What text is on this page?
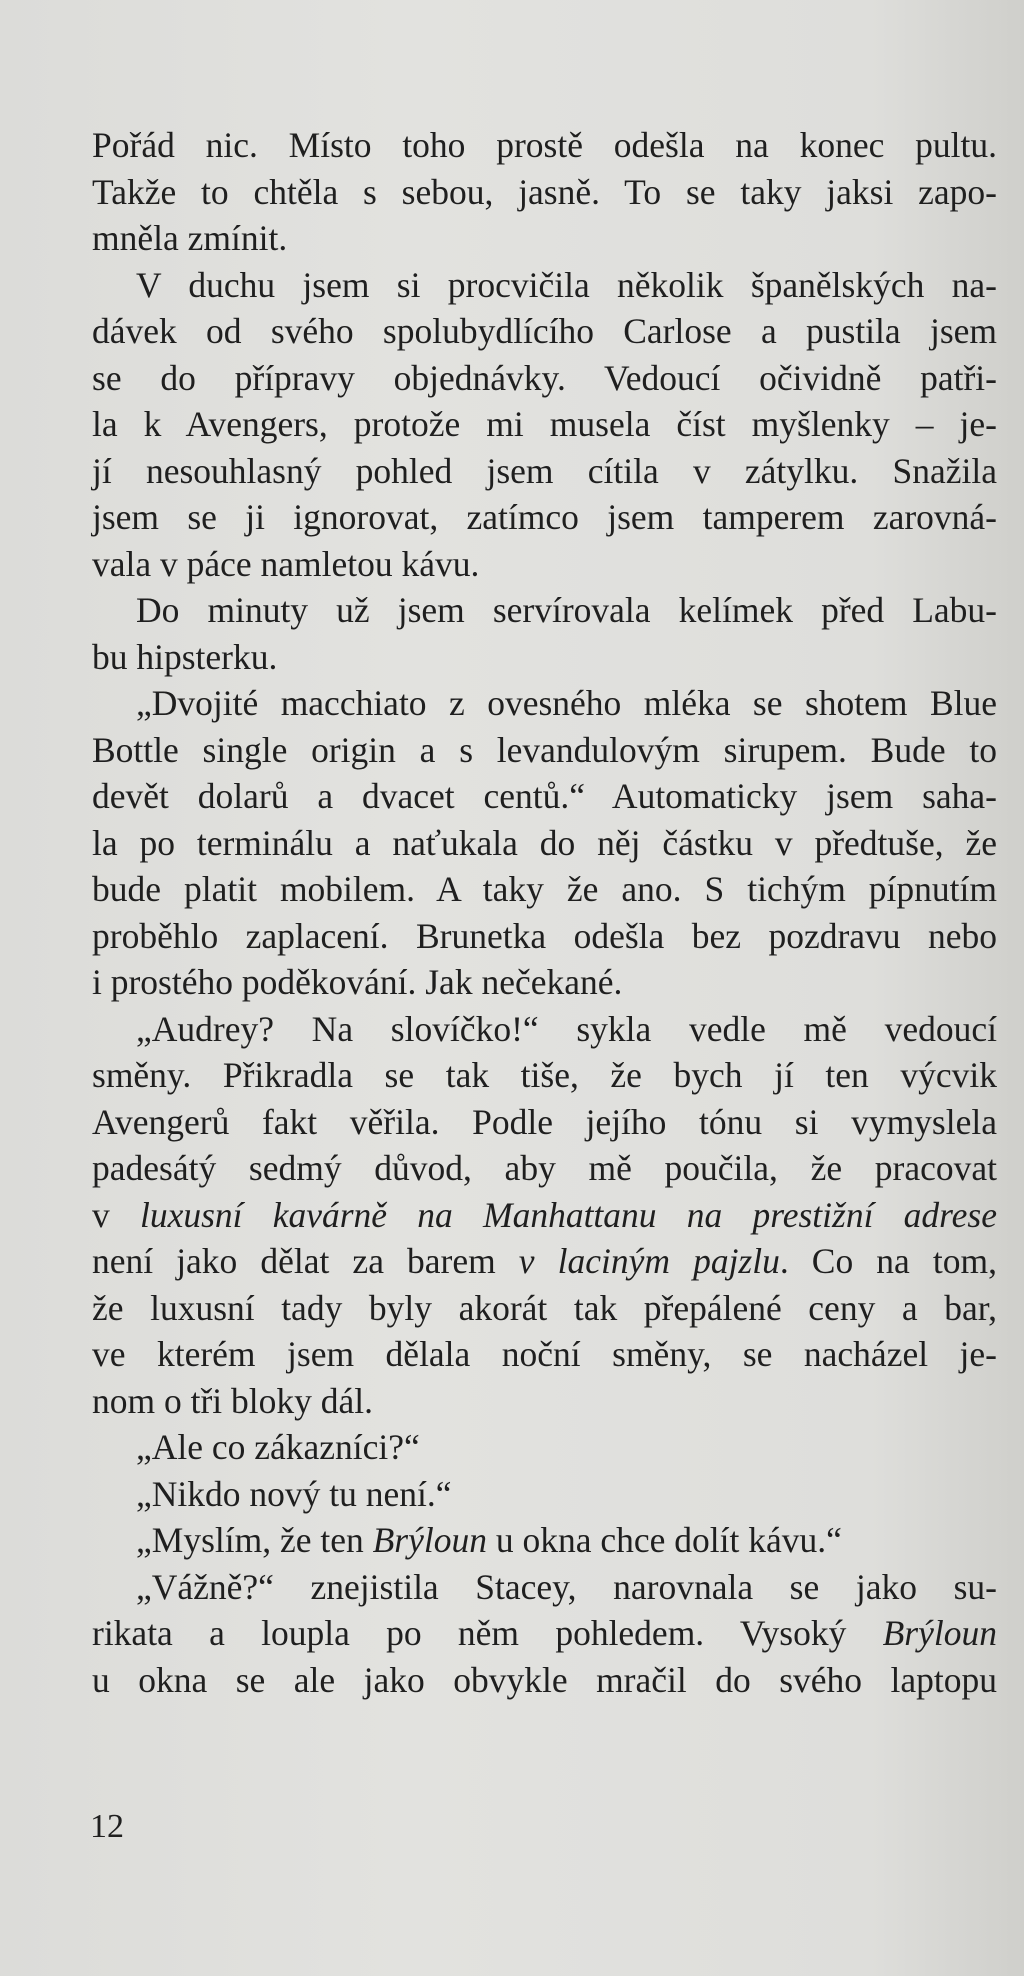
Pořád nic. Místo toho prostě odešla na konec pultu.
Takže to chtěla s sebou, jasně. To se taky jaksi zapo-
mněla zmínit.
V duchu jsem si procvičila několik španělských na-
dávek od svého spolubydlícího Carlose a pustila jsem
se do přípravy objednávky. Vedoucí očividně patři-
la k Avengers, protože mi musela číst myšlenky – je-
jí nesouhlasný pohled jsem cítila v zátylku. Snažila
jsem se ji ignorovat, zatímco jsem tamperem zarovná-
vala v páce namletou kávu.
Do minuty už jsem servírovala kelímek před Labu-
bu hipsterku.
„Dvojité macchiato z ovesného mléka se shotem Blue
Bottle single origin a s levandulovým sirupem. Bude to
devět dolarů a dvacet centů.“ Automaticky jsem saha-
la po terminálu a naťukala do něj částku v předtuše, že
bude platit mobilem. A taky že ano. S tichým pípnutím
proběhlo zaplacení. Brunetka odešla bez pozdravu nebo
i prostého poděkování. Jak nečekané.
„Audrey? Na slovíčko!“ sykla vedle mě vedoucí
směny. Přikradla se tak tiše, že bych jí ten výcvik
Avengerů fakt věřila. Podle jejího tónu si vymyslela
padesátý sedmý důvod, aby mě poučila, že pracovat
v luxusní kavárně na Manhattanu na prestižní adrese
není jako dělat za barem v laciným pajzlu. Co na tom,
že luxusní tady byly akorát tak přepálené ceny a bar,
ve kterém jsem dělala noční směny, se nacházel je-
nom o tři bloky dál.
„Ale co zákazníci?“
„Nikdo nový tu není.“
„Myslím, že ten Brýloun u okna chce dolít kávu.“
„Vážně?“ znejistila Stacey, narovnala se jako su-
rikata a loupla po něm pohledem. Vysoký Brýloun
u okna se ale jako obvykle mračil do svého laptopu
12
